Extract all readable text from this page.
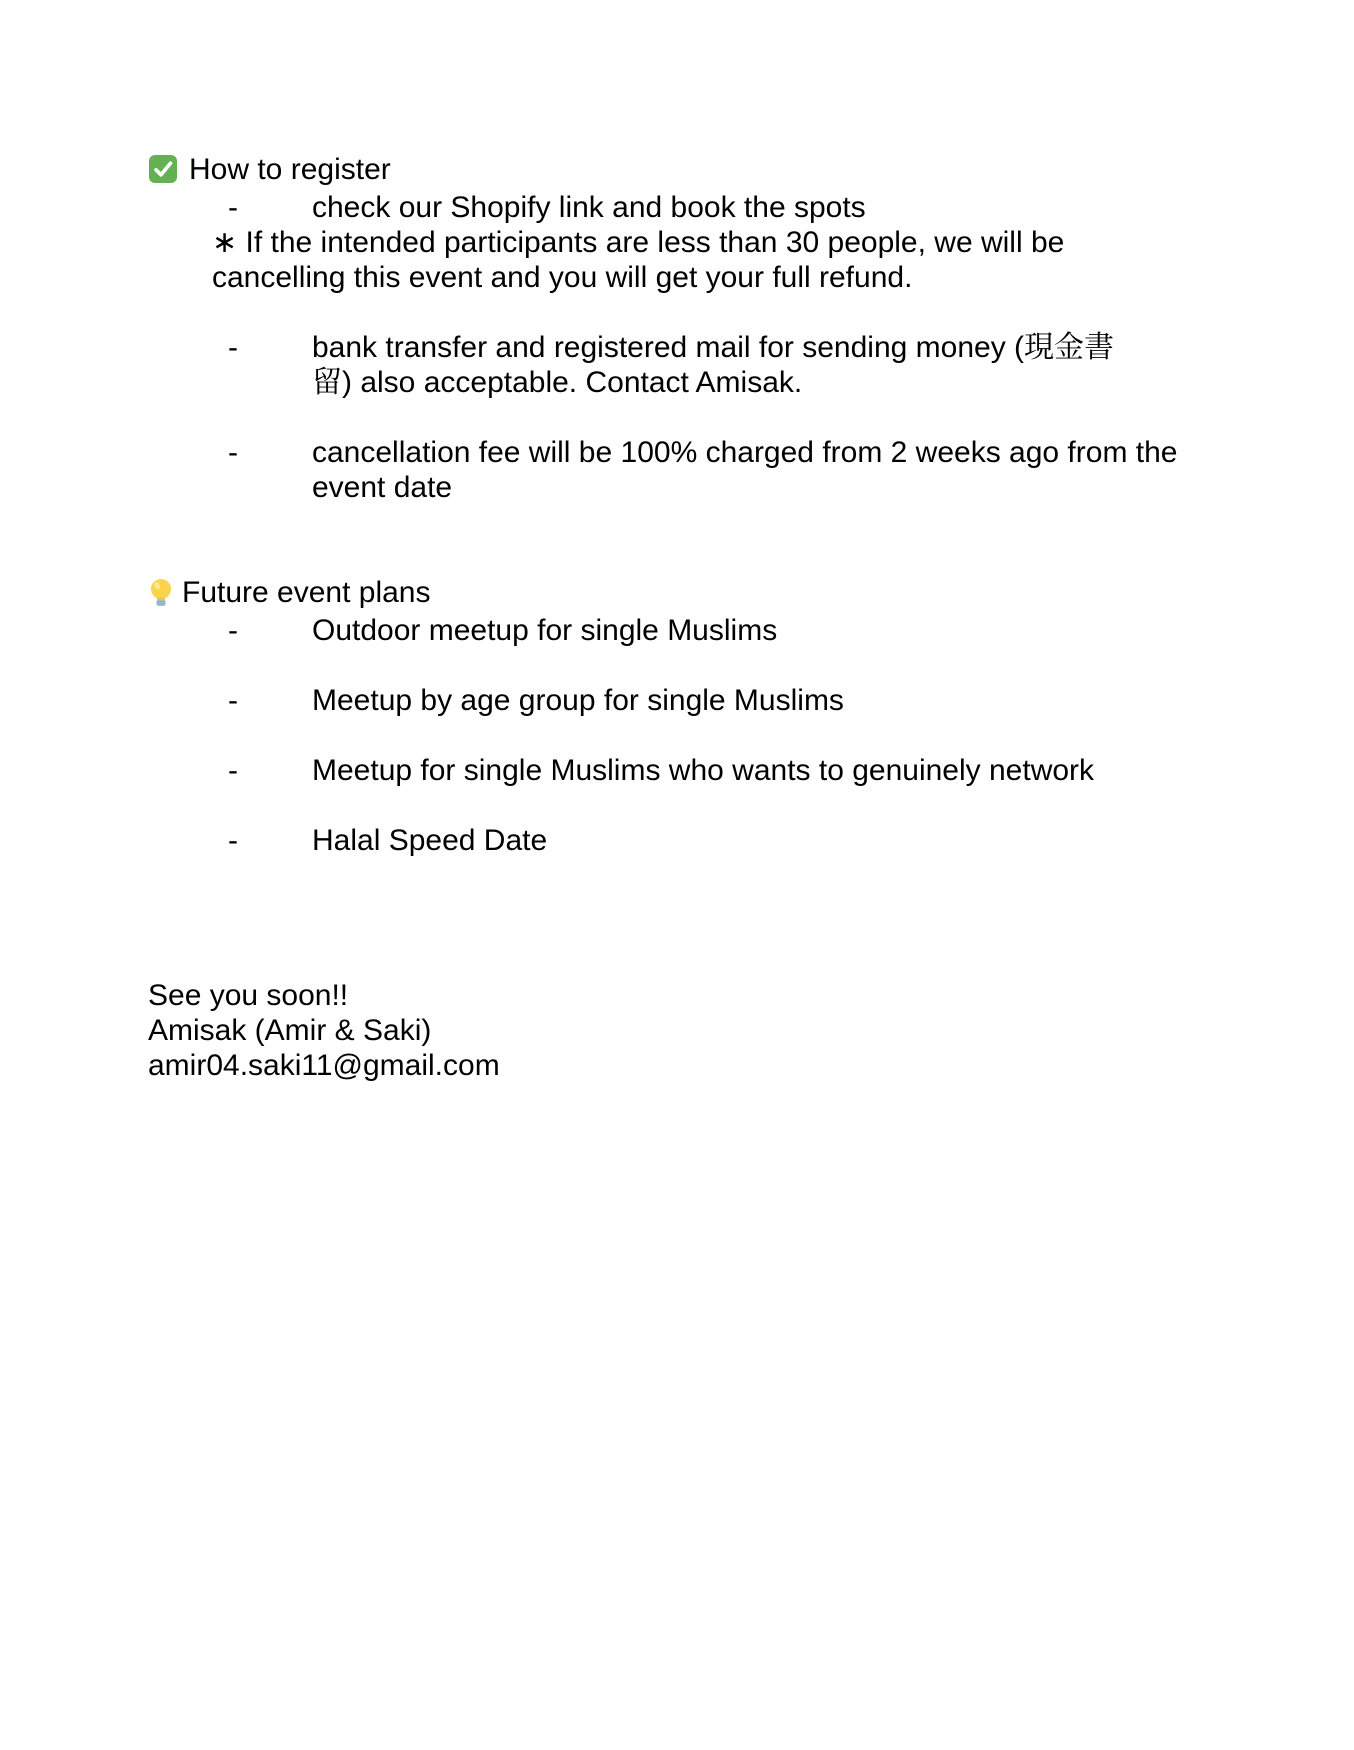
How to register
-	check our Shopify link and book the spots

∗ If the intended participants are less than 30 people, we will be cancelling this event and you will get your full refund.

-	bank transfer and registered mail for sending money (現金書留) also acceptable. Contact Amisak.
-	cancellation fee will be 100% charged from 2 weeks ago from the event date
Future event plans
-	Outdoor meetup for single Muslims
-	Meetup by age group for single Muslims
-	Meetup for single Muslims who wants to genuinely network
-	Halal Speed Date

See you soon!!

Amisak (Amir & Saki)

amir04.saki11@gmail.com
